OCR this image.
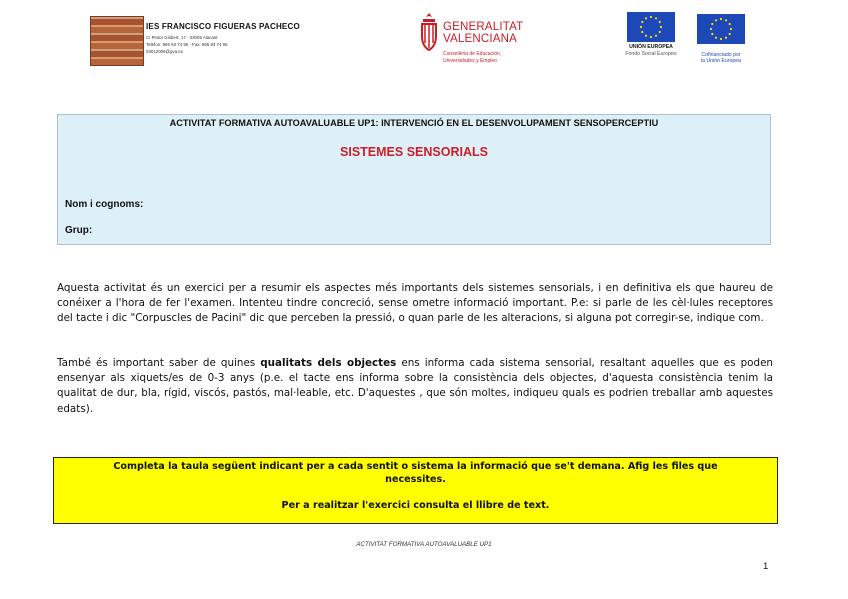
IES FRANCISCO FIGUERAS PACHECO
C/ Pintor Gisbert, 17 · 03005 Alacant
Telèfon: 965 93 74 95 · Fax: 965 93 74 96
03012006@gva.es
GENERALITAT
VALENCIANA
Conselleria de Educación,
Universidades y Empleo
UNIÓN EUROPEA
Fondo Social Europeo	Cofinanciado por
la Unión Europea
ACTIVITAT FORMATIVA AUTOAVALUABLE UP1: INTERVENCIÓ EN EL DESENVOLUPAMENT SENSOPERCEPTIU
SISTEMES SENSORIALS
Nom i cognoms:
Grup:
Aquesta activitat és un exercici per a resumir els aspectes més importants dels sistemes sensorials, i en definitiva els que haureu de conéixer a l'hora de fer l'examen. Intenteu tindre concreció, sense ometre informació important. P.e: si parle de les cèl·lules receptores del tacte i dic "Corpuscles de Pacini" dic que perceben la pressió, o quan parle de les alteracions, si alguna pot corregir-se, indique com.
També és important saber de quines qualitats dels objectes ens informa cada sistema sensorial, resaltant aquelles que es poden ensenyar als xiquets/es de 0-3 anys (p.e. el tacte ens informa sobre la consistència dels objectes, d'aquesta consistència tenim la qualitat de dur, bla, rígid, viscós, pastós, mal·leable, etc. D'aquestes , que són moltes, indiqueu quals es podrien treballar amb aquestes edats).
Completa la taula següent indicant per a cada sentit o sistema la informació que se't demana. Afig les files que
necessites.
Per a realitzar l'exercici consulta el llibre de text.
ACTIVITAT FORMATIVA AUTOAVALUABLE UP1
1
